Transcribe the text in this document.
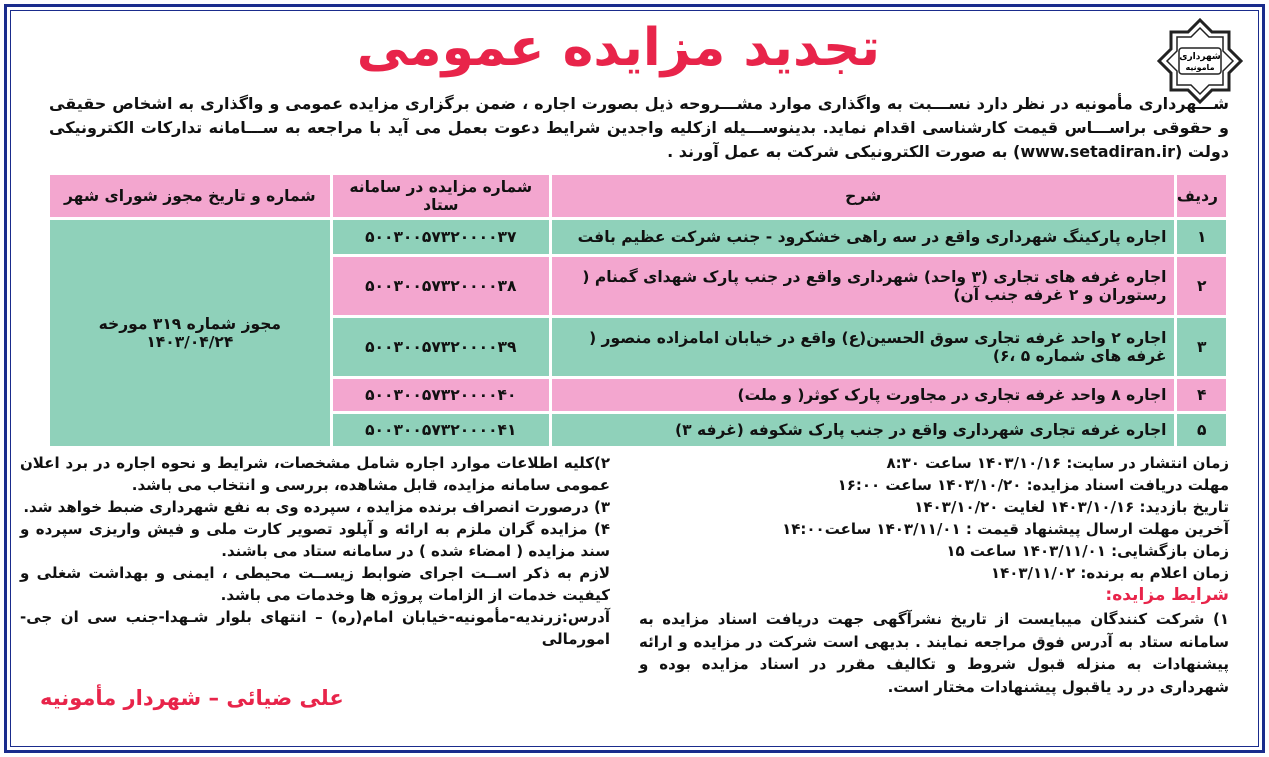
شهرداری
مامونیه
تجدید مزایده عمومی
شـــهرداری مأمونیه در نظر دارد نســـبت به واگذاری موارد مشـــروحه ذیل بصورت اجاره ، ضمن برگزاری مزایده عمومی و واگذاری به اشخاص حقیقی و حقوقی براســـاس قیمت کارشناسی اقدام نماید. بدینوســـیله ازکلیه واجدین شرایط دعوت بعمل می آید با مراجعه به ســـامانه تدارکات الکترونیکی دولت (www.setadiran.ir) به صورت الکترونیکی شرکت به عمل آورند .
ردیف	شرح	شماره مزایده در سامانه ستاد	شماره و تاریخ مجوز شورای شهر
۱	اجاره پارکینگ شهرداری واقع در سه راهی خشکرود - جنب شرکت عظیم بافت	۵۰۰۳۰۰۵۷۳۲۰۰۰۰۳۷	مجوز شماره ۳۱۹ مورخه ۱۴۰۳/۰۴/۲۴
۲	اجاره غرفه های تجاری (۳ واحد) شهرداری واقع در جنب پارک شهدای گمنام ( رستوران و ۲ غرفه جنب آن)	۵۰۰۳۰۰۵۷۳۲۰۰۰۰۳۸	
۳	اجاره ۲ واحد غرفه تجاری سوق الحسین(ع) واقع در خیابان امامزاده منصور ( غرفه های شماره ۵ ،۶)	۵۰۰۳۰۰۵۷۳۲۰۰۰۰۳۹	
۴	اجاره ۸ واحد غرفه تجاری در مجاورت پارک کوثر( و ملت)	۵۰۰۳۰۰۵۷۳۲۰۰۰۰۴۰	
۵	اجاره غرفه تجاری شهرداری واقع در جنب پارک شکوفه (غرفه ۳)	۵۰۰۳۰۰۵۷۳۲۰۰۰۰۴۱	
زمان انتشار در سایت: ۱۴۰۳/۱۰/۱۶ ساعت ۸:۳۰
مهلت دریافت اسناد مزایده: ۱۴۰۳/۱۰/۲۰ ساعت ۱۶:۰۰
تاریخ بازدید: ۱۴۰۳/۱۰/۱۶ لغایت ۱۴۰۳/۱۰/۲۰
آخرین مهلت ارسال پیشنهاد قیمت : ۱۴۰۳/۱۱/۰۱ ساعت۱۴:۰۰
زمان بازگشایی: ۱۴۰۳/۱۱/۰۱ ساعت ۱۵
زمان اعلام به برنده: ۱۴۰۳/۱۱/۰۲
شرایط مزایده:
۱) شرکت کنندگان میبایست از تاریخ نشرآگهی جهت دریافت اسناد مزایده به سامانه ستاد به آدرس فوق مراجعه نمایند . بدیهی است شرکت در مزایده و ارائه پیشنهادات به منزله قبول شروط و تکالیف مقرر در اسناد مزایده بوده و شهرداری در رد یاقبول پیشنهادات مختار است.

۲)کلیه اطلاعات موارد اجاره شامل مشخصات، شرایط و نحوه اجاره در برد اعلان عمومی سامانه مزایده، قابل مشاهده، بررسی و انتخاب می باشد.

۳) درصورت انصراف برنده مزایده ، سپرده وی به نفع شهرداری ضبط خواهد شد.

۴) مزایده گران ملزم به ارائه و آپلود تصویر کارت ملی و فیش واریزی سپرده و سند مزایده ( امضاء شده ) در سامانه ستاد می باشند.

لازم به ذکر اســت اجرای ضوابط زیســت محیطی ، ایمنی و بهداشت شغلی و کیفیت خدمات از الزامات پروژه ها وخدمات می باشد.

آدرس:زرندیه-مأمونیه-خیابان امام(ره) – انتهای بلوار شـهدا-جنب سی ان جی-امورمالی

علی ضیائی – شهردار مأمونیه
